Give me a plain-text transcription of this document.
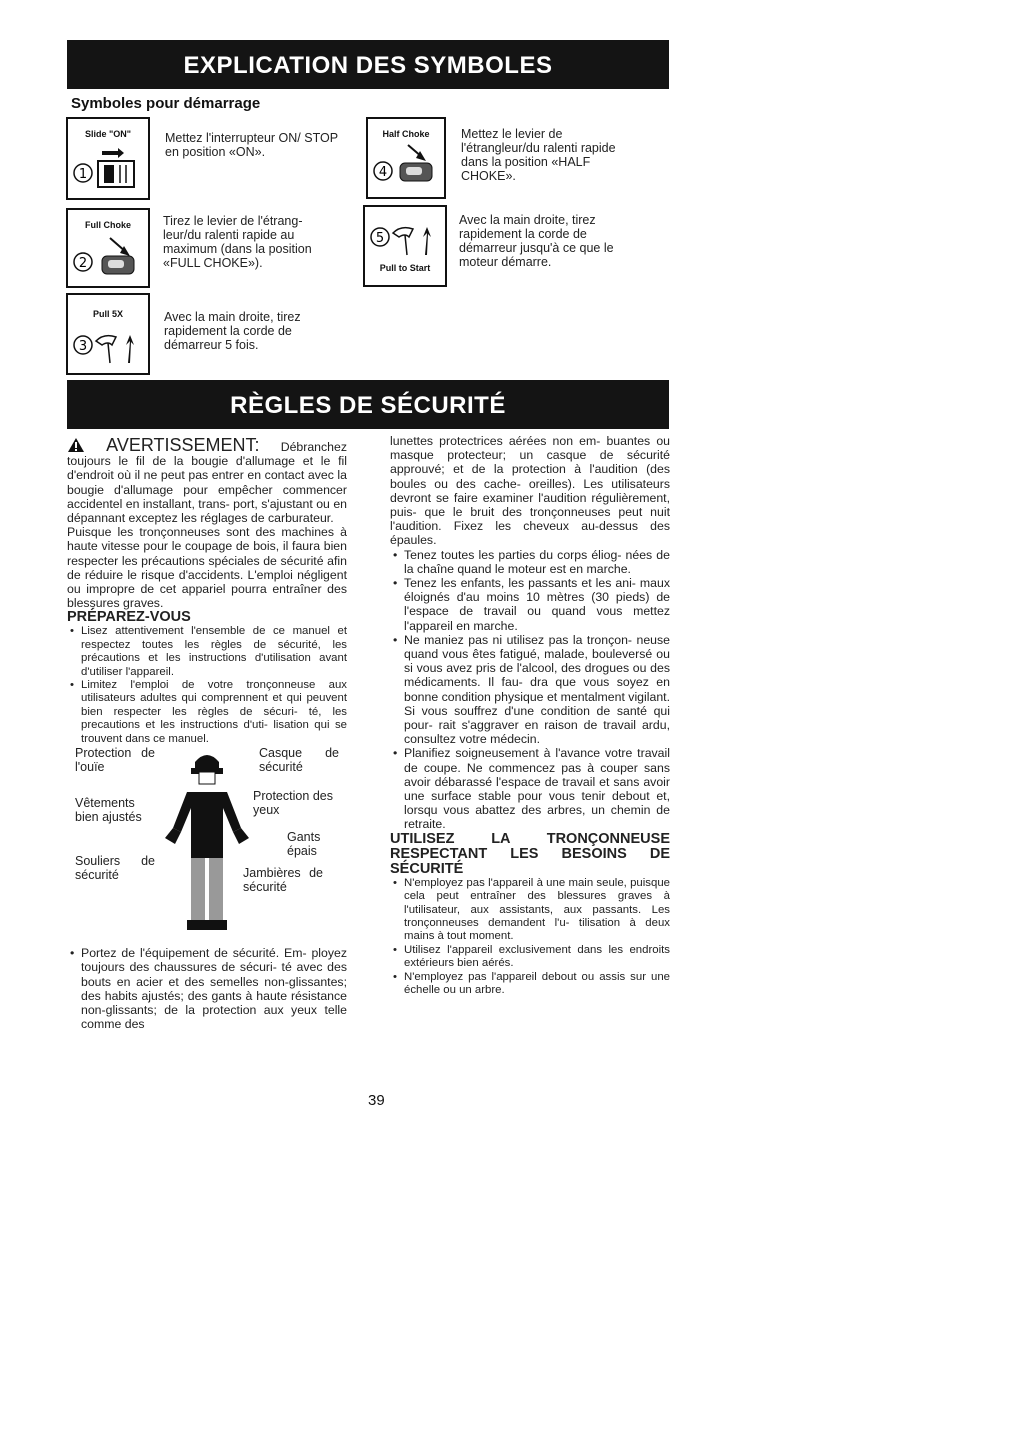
EXPLICATION DES SYMBOLES
Symboles pour démarrage
Slide "ON"
1
Mettez l'interrupteur ON/ STOP en position «ON».
Full Choke
2
Tirez le levier de l'étrang- leur/du ralenti rapide au maximum (dans la position «FULL CHOKE»).
Pull 5X
3
Avec la main droite, tirez rapidement la corde de démarreur 5 fois.
Half Choke
4
Mettez le levier de l'étrangleur/du ralenti rapide dans la position «HALF CHOKE».
5
Pull to Start
Avec la main droite, tirez rapidement la corde de démarreur jusqu'à ce que le moteur démarre.
RÈGLES DE SÉCURITÉ

AVERTISSEMENT: Débranchez toujours le fil de la bougie d'allumage et le fil d'endroit où il ne peut pas entrer en contact avec la bougie d'allumage pour empêcher commencer accidentel en installant, trans- port, s'ajustant ou en dépannant exceptez les réglages de carburateur.

Puisque les tronçonneuses sont des machines à haute vitesse pour le coupage de bois, il faura bien respecter les précautions spéciales de sécurité afin de réduire le risque d'accidents. L'emploi négligent ou impropre de cet appariel pourra entraîner des blessures graves.

PRÉPAREZ-VOUS
• Lisez attentivement l'ensemble de ce manuel et respectez toutes les règles de sécurité, les précautions et les instructions d'utilisation avant d'utiliser l'appareil.
• Limitez l'emploi de votre tronçonneuse aux utilisateurs adultes qui comprennent et qui peuvent bien respecter les règles de sécuri- té, les precautions et les instructions d'uti- lisation qui se trouvent dans ce manuel.
Protection de l'ouïe
Casque de sécurité
Protection des yeux
Vêtements bien ajustés
Gants épais
Souliers de sécurité	Jambières de sécurité
• Portez de l'équipement de sécurité. Em- ployez toujours des chaussures de sécuri- té avec des bouts en acier et des semelles non-glissantes; des habits ajustés; des gants à haute résistance non-glissants; de la protection aux yeux telle comme des

lunettes protectrices aérées non em- buantes ou masque protecteur; un casque de sécurité approuvé; et de la protection à l'audition (des boules ou des cache- oreilles). Les utilisateurs devront se faire examiner l'audition régulièrement, puis- que le bruit des tronçonneuses peut nuit l'audition. Fixez les cheveux au-dessus des épaules.

• Tenez toutes les parties du corps éliog- nées de la chaîne quand le moteur est en marche.
• Tenez les enfants, les passants et les ani- maux éloignés d'au moins 10 mètres (30 pieds) de l'espace de travail ou quand vous mettez l'appareil en marche.
• Ne maniez pas ni utilisez pas la tronçon- neuse quand vous êtes fatigué, malade, bouleversé ou si vous avez pris de l'alcool, des drogues ou des médicaments. Il fau- dra que vous soyez en bonne condition physique et mentalment vigilant. Si vous souffrez d'une condition de santé qui pour- rait s'aggraver en raison de travail ardu, consultez votre médecin.
• Planifiez soigneusement à l'avance votre travail de coupe. Ne commencez pas à couper sans avoir débarassé l'espace de travail et sans avoir une surface stable pour vous tenir debout et, lorsqu vous abattez des arbres, un chemin de retraite.
UTILISEZ LA TRONÇONNEUSE RESPECTANT LES BESOINS DE SÉCURITÉ
• N'employez pas l'appareil à une main seule, puisque cela peut entraîner des blessures graves à l'utilisateur, aux assistants, aux passants. Les tronçonneuses demandent l'u- tilisation à deux mains à tout moment.
• Utilisez l'appareil exclusivement dans les endroits extérieurs bien aérés.
• N'employez pas l'appareil debout ou assis sur une échelle ou un arbre.
39
